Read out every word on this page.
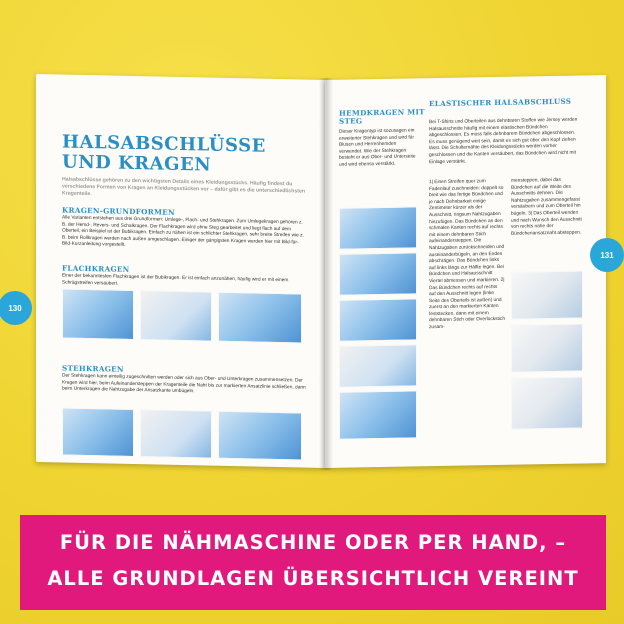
HALSABSCHLÜSSE
UND KRAGEN
Halsabschlüsse gehören zu den wichtigsten Details eines Kleidungsstücks. Häufig findest du verschiedene Formen von Kragen an Kleidungsstücken vor – dafür gibt es die unterschiedlichsten Kragenteile.
KRAGEN-GRUNDFORMEN
Alle Varianten entstehen aus drei Grundformen: Umlege-, Flach- und Stehkragen. Zum Umlegekragen gehören z. B. der Hemd-, Revers- und Schalkragen. Der Flachkragen wird ohne Steg gearbeitet und liegt flach auf dem Oberteil, ein Beispiel ist der Bubikragen. Einfach zu nähen ist ein schlichter Stehkragen, sehr breite Streifen wie z. B. beim Rollkragen werden nach außen umgeschlagen. Einiger der gängigsten Kragen werden hier mit Bild-für-Bild-Kurzanleitung vorgestellt.
FLACHKRAGEN
Einer der bekanntesten Flachkragen ist der Bubikragen. Er ist einfach anzunähen, häufig wird er mit einem Schrägstreifen versäubert.
STEHKRAGEN
Der Stehkragen kann einteilig zugeschnitten werden oder sich aus Ober- und Unterkragen zusammensetzen. Der Kragen wird hier, beim Aufeinandersteppen der Kragenteile die Naht bis zur markierten Ansatzlinie schließen, dann beim Unterkragen die Nahtzugabe der Ansatzkante umbügeln.
HEMDKRAGEN MIT STEG
Dieser Kragentyp ist sozusagen ein erweiterter Stehkragen und wird für Blusen und Herrenhemden verwendet. Wie der Stehkragen besteht er aus Ober- und Unterseite und wird ebenso verstärkt.
ELASTISCHER HALSABSCHLUSS
Bei T-Shirts und Oberteilen aus dehnbaren Stoffen wie Jersey werden Halsausschnitte häufig mit einem elastischen Bündchen abgeschlossen. Es muss falls dehnbarem Bündchen abgeschlossen. Es muss genügend weit sein, damit es sich gut über den Kopf ziehen lässt. Die Schulternähte des Kleidungsstücks werden vorher geschlossen und die Kanten versäubert, das Bündchen wird nicht mit Einlage verstärkt.
1| Einen Streifen quer zum Fadenlauf zuschneiden: doppelt so breit wie das fertige Bündchen und je nach Dehnbarkeit einige Zentimeter kürzer als der Ausschnitt, ringsum Nahtzugaben hinzufügen. Das Bündchen an den schmalen Kanten rechts auf rechts mit einem dehnbaren Stich aufeinandersteppen. Die Nahtzugaben zurückschneiden und auseinanderbügeln, an den Enden abschrägen. Das Bündchen links auf links längs zur Hälfte legen. Bei Bündchen und Halsausschnitt Viertel abmessen und markieren. 2| Das Bündchen rechts auf rechts auf den Ausschnitt legen (linke Seite des Oberteils ist außen) und zuerst an den markierten Kanten feststecken, dann mit einem dehnbaren Stich oder Overlockstich zusam-
mensteppen, dabei das Bündchen auf die Weite des Ausschnitts dehnen. Die Nahtzugaben zusammengefasst versäubern und zum Oberteil hin bügeln. 3| Das Oberteil wenden und nach Wunsch den Ausschnitt von rechts nahe der Bündchenansatznaht absteppen.
130
131
FÜR DIE NÄHMASCHINE ODER PER HAND, –
ALLE GRUNDLAGEN ÜBERSICHTLICH VEREINT
